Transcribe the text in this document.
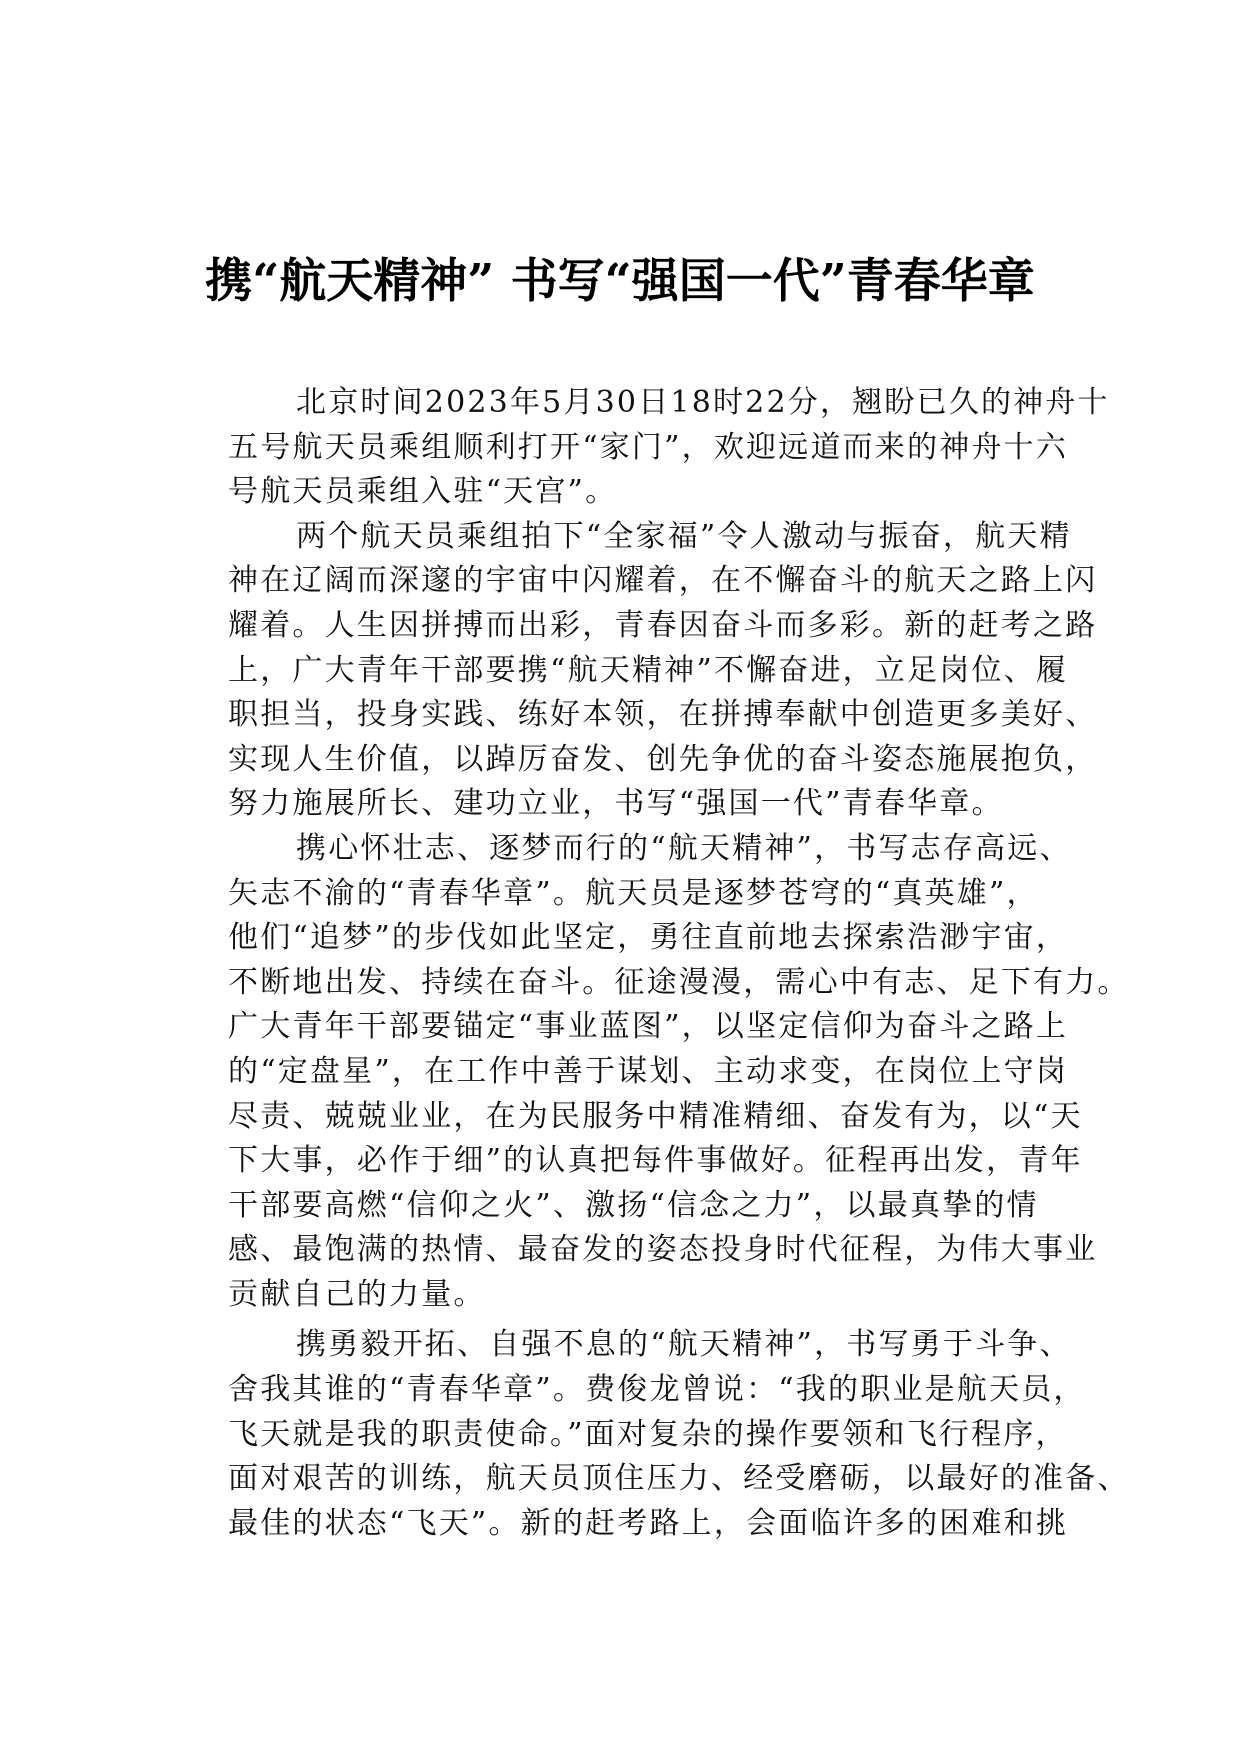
携“航天精神” 书写“强国一代”青春华章
北京时间2023年5月30日18时22分，翘盼已久的神舟十
五号航天员乘组顺利打开“家门”，欢迎远道而来的神舟十六
号航天员乘组入驻“天宫”。
两个航天员乘组拍下“全家福”令人激动与振奋，航天精
神在辽阔而深邃的宇宙中闪耀着，在不懈奋斗的航天之路上闪
耀着。人生因拼搏而出彩，青春因奋斗而多彩。新的赶考之路
上，广大青年干部要携“航天精神”不懈奋进，立足岗位、履
职担当，投身实践、练好本领，在拼搏奉献中创造更多美好、
实现人生价值，以踔厉奋发、创先争优的奋斗姿态施展抱负，
努力施展所长、建功立业，书写“强国一代”青春华章。
携心怀壮志、逐梦而行的“航天精神”，书写志存高远、
矢志不渝的“青春华章”。航天员是逐梦苍穹的“真英雄”，
他们“追梦”的步伐如此坚定，勇往直前地去探索浩渺宇宙，
不断地出发、持续在奋斗。征途漫漫，需心中有志、足下有力。
广大青年干部要锚定“事业蓝图”，以坚定信仰为奋斗之路上
的“定盘星”，在工作中善于谋划、主动求变，在岗位上守岗
尽责、兢兢业业，在为民服务中精准精细、奋发有为，以“天
下大事，必作于细”的认真把每件事做好。征程再出发，青年
干部要高燃“信仰之火”、激扬“信念之力”，以最真挚的情
感、最饱满的热情、最奋发的姿态投身时代征程，为伟大事业
贡献自己的力量。
携勇毅开拓、自强不息的“航天精神”，书写勇于斗争、
舍我其谁的“青春华章”。费俊龙曾说：“我的职业是航天员，
飞天就是我的职责使命。”面对复杂的操作要领和飞行程序，
面对艰苦的训练，航天员顶住压力、经受磨砺，以最好的准备、
最佳的状态“飞天”。新的赶考路上，会面临许多的困难和挑
